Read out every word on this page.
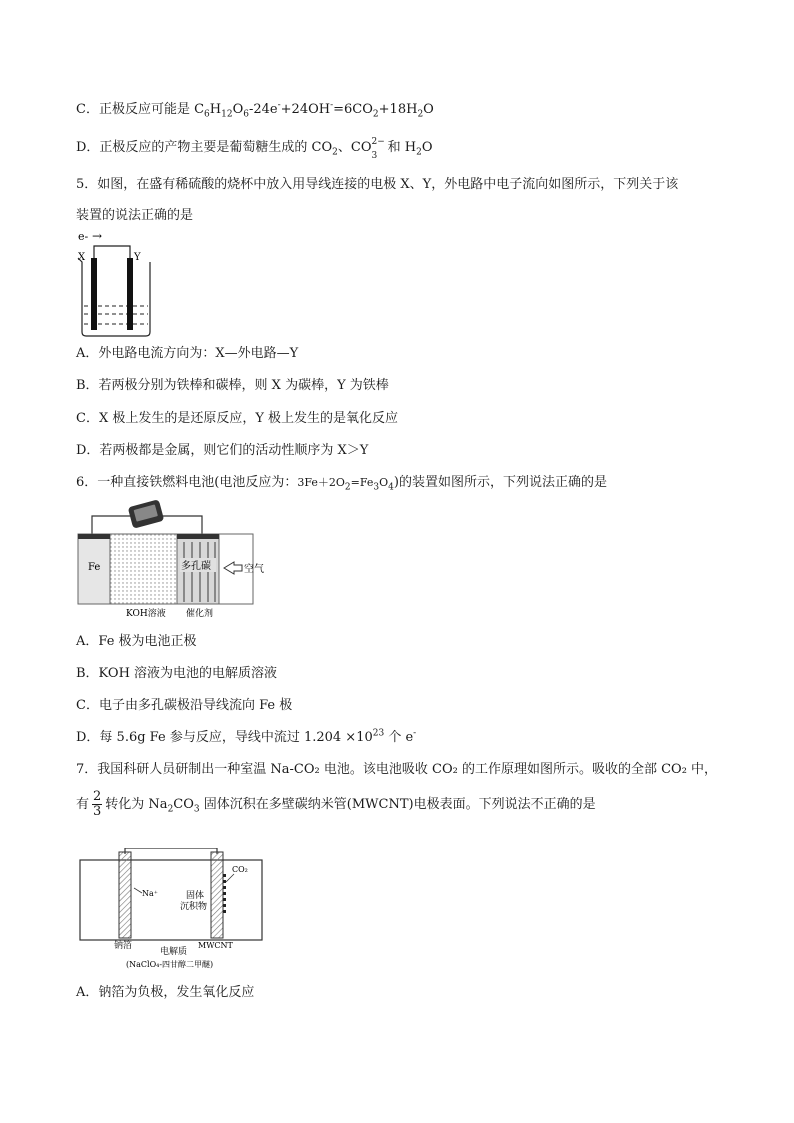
C．正极反应可能是 $C_6H_{12}O_6-24e^-+24OH^-=6CO_2+18H_2O$
D．正极反应的产物主要是葡萄糖生成的 $CO_2$、CO 2−
3
和 $H_2O$
5．如图，在盛有稀硫酸的烧杯中放入用导线连接的电极 X、Y，外电路中电子流向如图所示，下列关于该
装置的说法正确的是
e- →
X	Y
A．外电路电流方向为：X—外电路—Y
B．若两极分别为铁棒和碳棒，则 X 为碳棒，Y 为铁棒
C．X 极上发生的是还原反应，Y 极上发生的是氧化反应
D．若两极都是金属，则它们的活动性顺序为 X＞Y
6．一种直接铁燃料电池(电池反应为：$3Fe+2O_2=Fe_3O_4$)的装置如图所示，下列说法正确的是
Fe	多孔碳	空气
KOH溶液 催化剂
A．Fe 极为电池正极
B．KOH 溶液为电池的电解质溶液
C．电子由多孔碳极沿导线流向 Fe 极
D．每 5.6g Fe 参与反应，导线中流过 $1.204 \times 10^{23}$ 个 e-
7．我国科研人员研制出一种室温 Na-CO₂ 电池。该电池吸收 CO₂ 的工作原理如图所示。吸收的全部 CO₂ 中，
有 $\frac{2}{3}$ 转化为 $Na_2CO_3$ 固体沉积在多壁碳纳米管(MWCNT)电极表面。下列说法不正确的是
CO₂
Na⁺	固体
沉积物
钠箔	MWCNT
电解质
(NaClO₄-四甘醇二甲醚)
A．钠箔为负极，发生氧化反应
